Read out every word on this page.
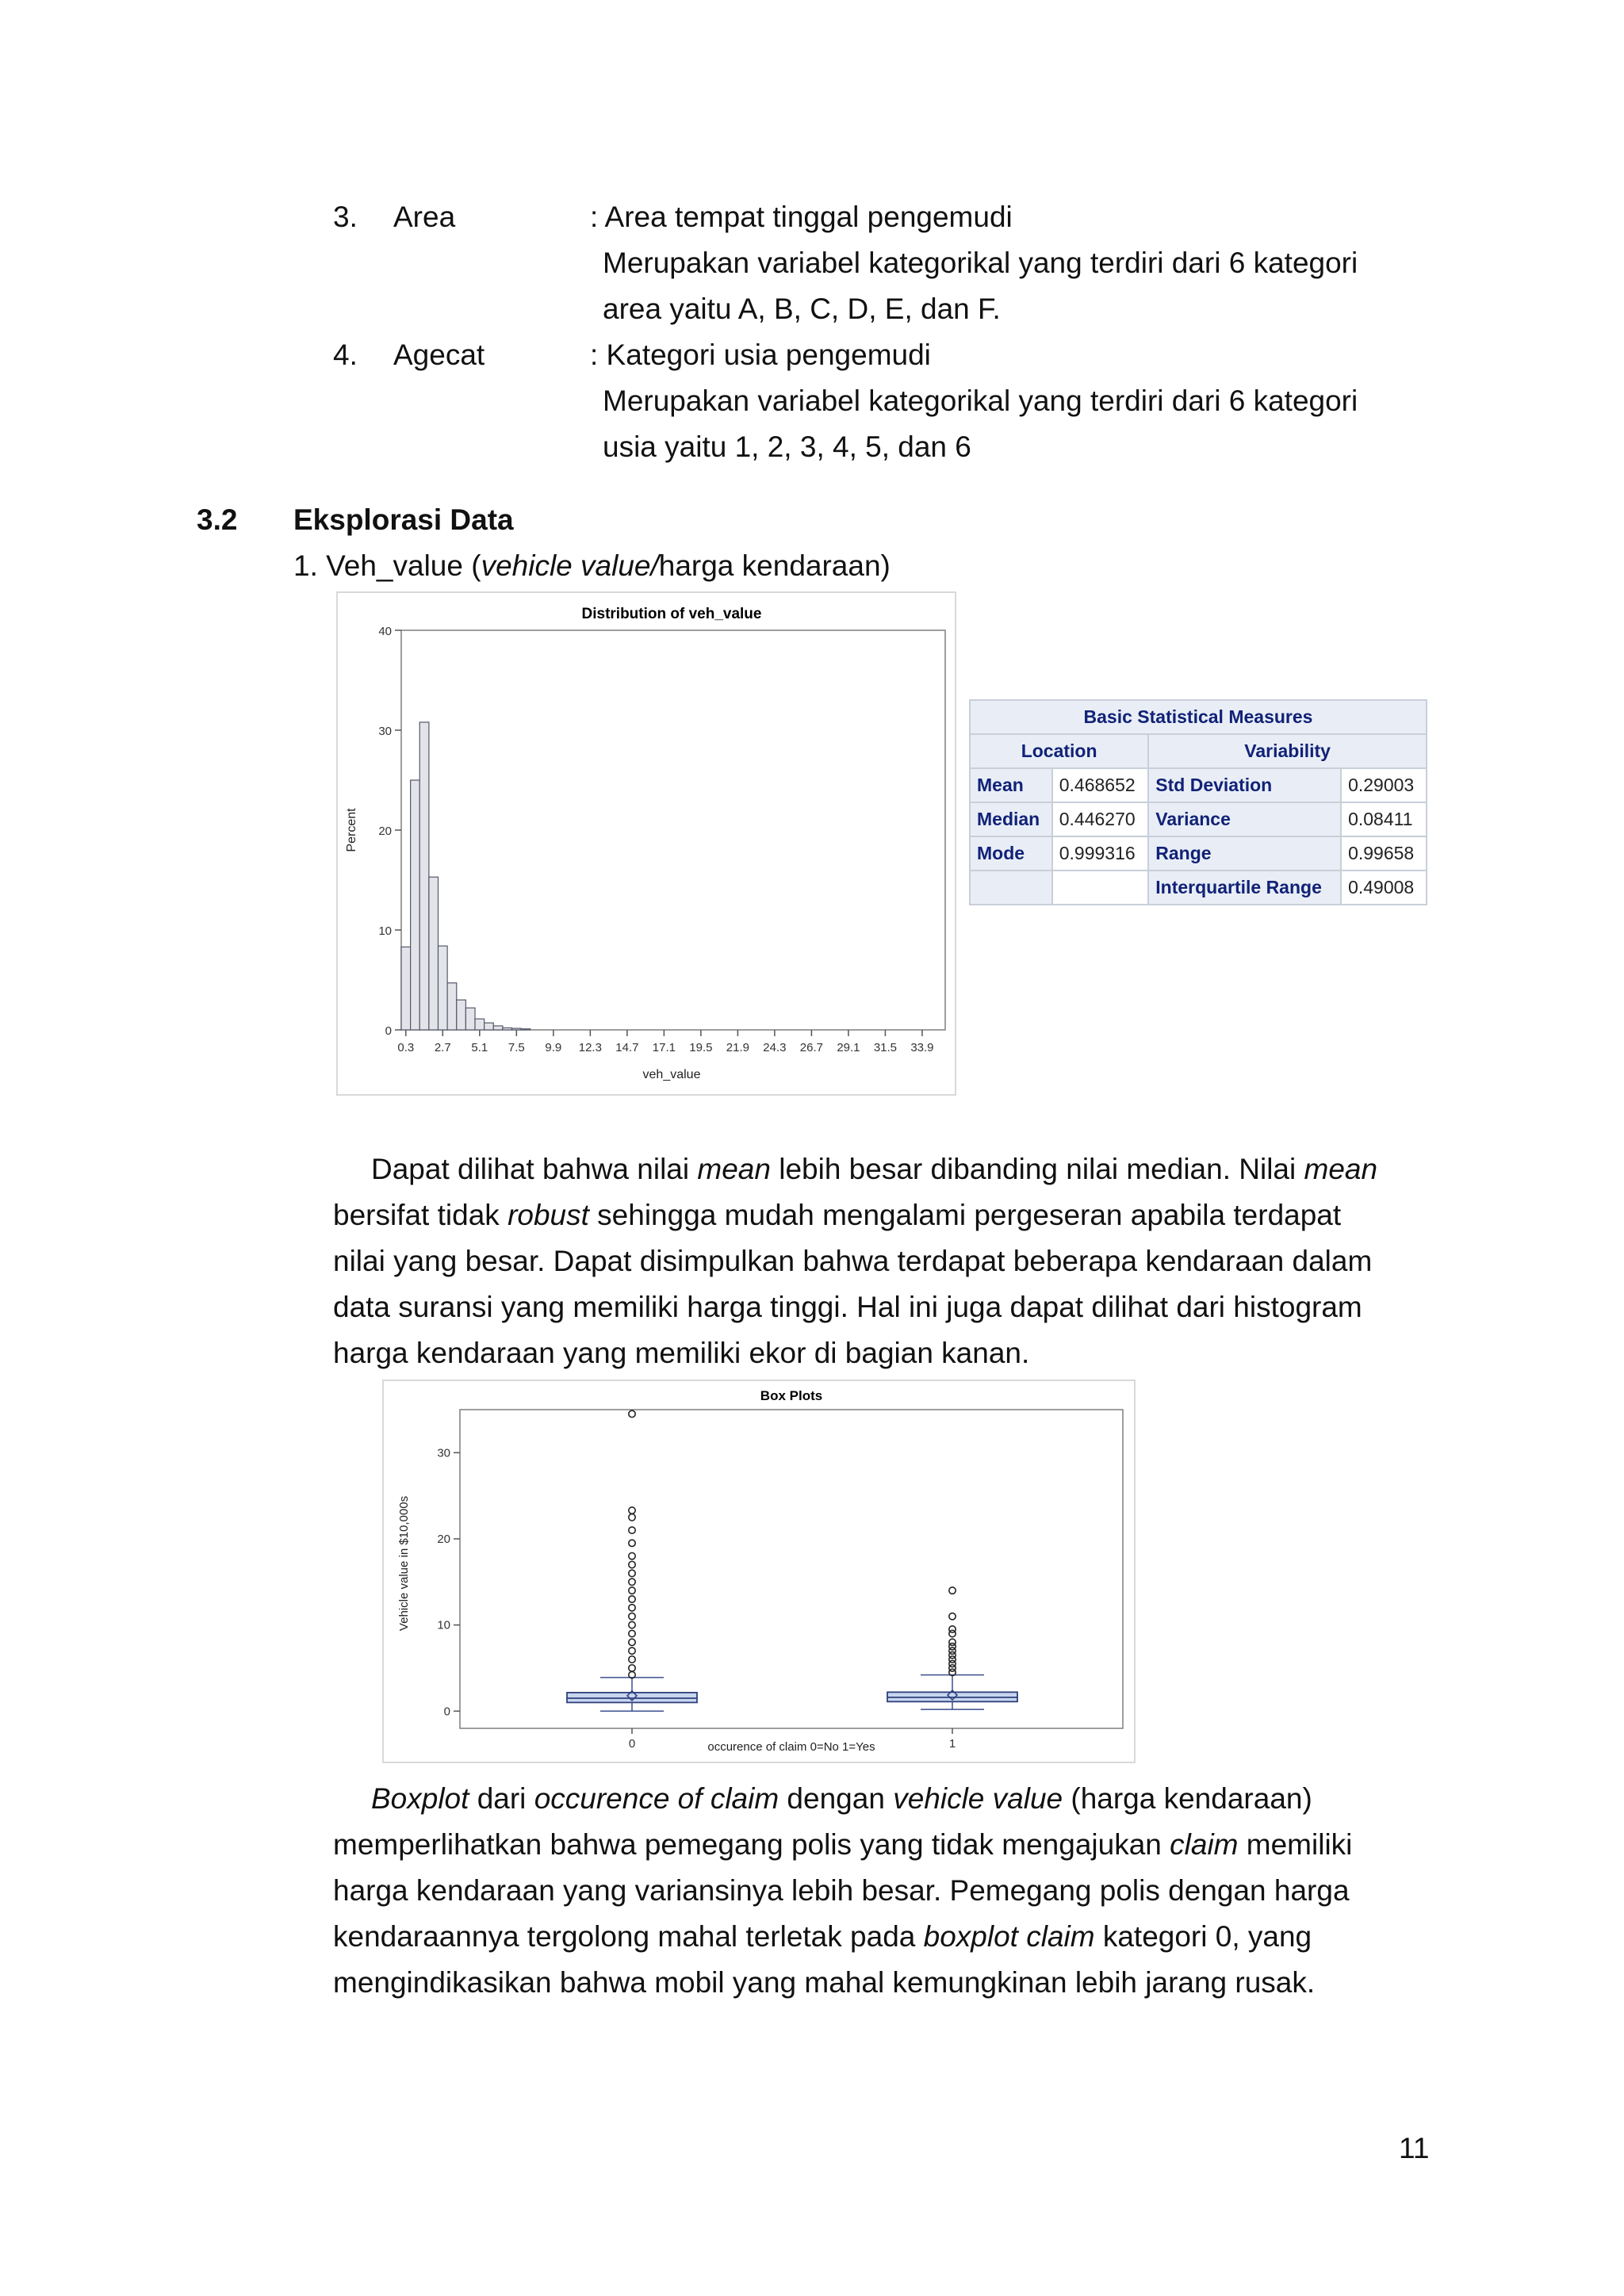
3. Area	: Area tempat tinggal pengemudi
Merupakan variabel kategorikal yang terdiri dari 6 kategori
area yaitu A, B, C, D, E, dan F.
4. Agecat	: Kategori usia pengemudi
Merupakan variabel kategorikal yang terdiri dari 6 kategori
usia yaitu 1, 2, 3, 4, 5, dan 6
3.2 Eksplorasi Data
1. Veh_value (vehicle value/harga kendaraan)
Distribution of veh_value
0
10
20
30
40
0.3 2.7 5.1 7.5 9.9 12.3 14.7 17.1 19.5 21.9 24.3 26.7 29.1 31.5 33.9
veh_value
Percent
Basic Statistical Measures			
Location		Variability	
Mean	0.468652	Std Deviation	0.29003
Median	0.446270	Variance	0.08411
Mode	0.999316	Range	0.99658
		Interquartile Range	0.49008
Dapat dilihat bahwa nilai mean lebih besar dibanding nilai median. Nilai mean
bersifat tidak robust sehingga mudah mengalami pergeseran apabila terdapat
nilai yang besar. Dapat disimpulkan bahwa terdapat beberapa kendaraan dalam
data suransi yang memiliki harga tinggi. Hal ini juga dapat dilihat dari histogram
harga kendaraan yang memiliki ekor di bagian kanan.
Box Plots
0
10
20
30
0	1
occurence of claim 0=No 1=Yes
Vehicle value in $10,000s
Boxplot dari occurence of claim dengan vehicle value (harga kendaraan)
memperlihatkan bahwa pemegang polis yang tidak mengajukan claim memiliki
harga kendaraan yang variansinya lebih besar. Pemegang polis dengan harga
kendaraannya tergolong mahal terletak pada boxplot claim kategori 0, yang
mengindikasikan bahwa mobil yang mahal kemungkinan lebih jarang rusak.
11
